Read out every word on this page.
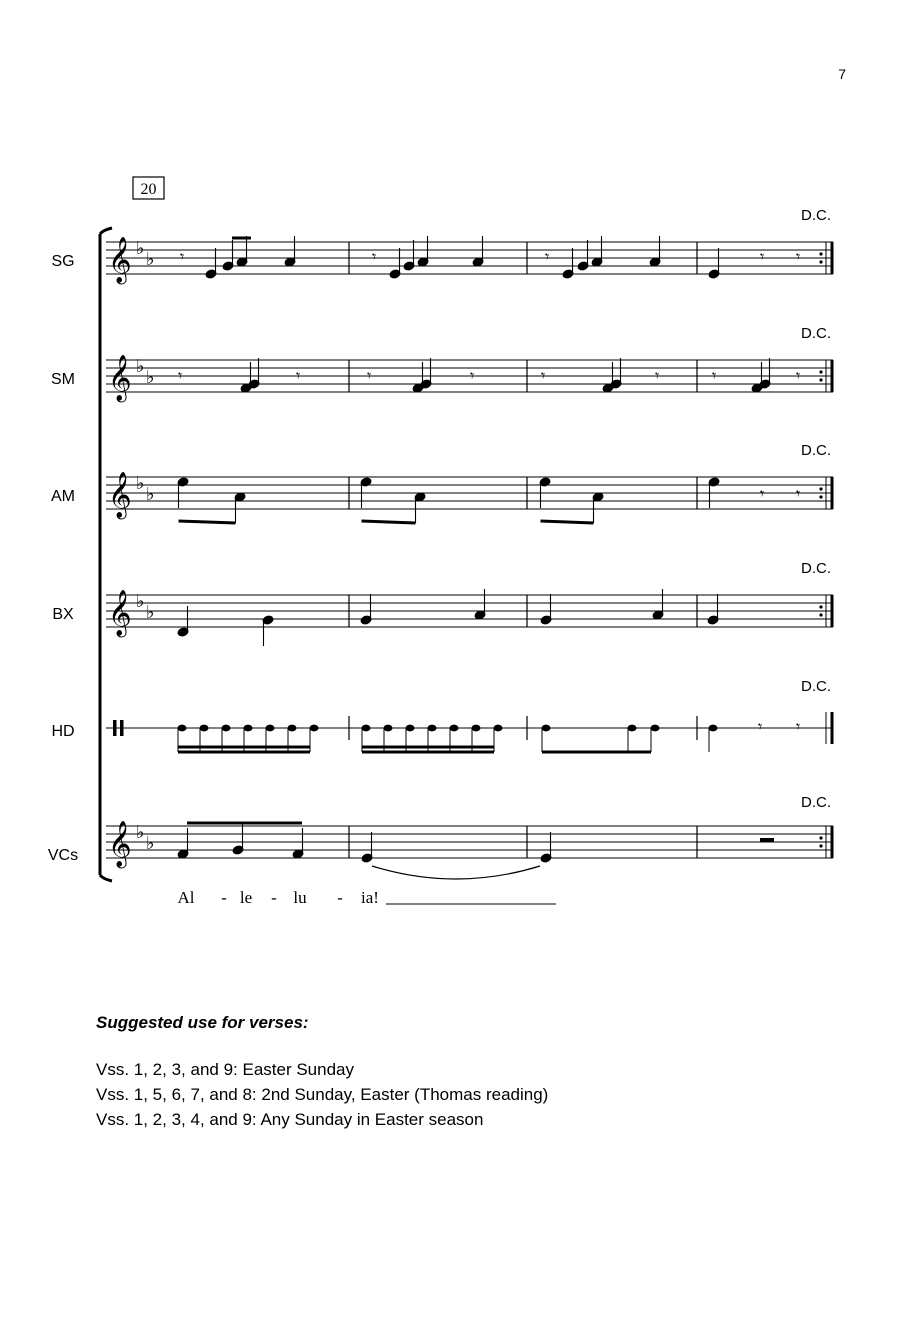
7
20
SG
SM
AM
BX
HD
VCs
D.C.
D.C.
D.C.
D.C.
D.C.
D.C.
𝄞 ♭
♭
𝄞 ♭
♭
𝄞 ♭
♭
𝄞 ♭
♭
𝄞 ♭
♭
𝄾	𝄾	𝄾	𝄾 𝄾
𝄾	𝄾	𝄾	𝄾	𝄾	𝄾	𝄾	𝄾
𝄾 𝄾
𝄾 𝄾
Al - le - lu - ia!
Suggested use for verses:
Vss. 1, 2, 3, and 9: Easter Sunday
Vss. 1, 5, 6, 7, and 8: 2nd Sunday, Easter (Thomas reading)
Vss. 1, 2, 3, 4, and 9: Any Sunday in Easter season
